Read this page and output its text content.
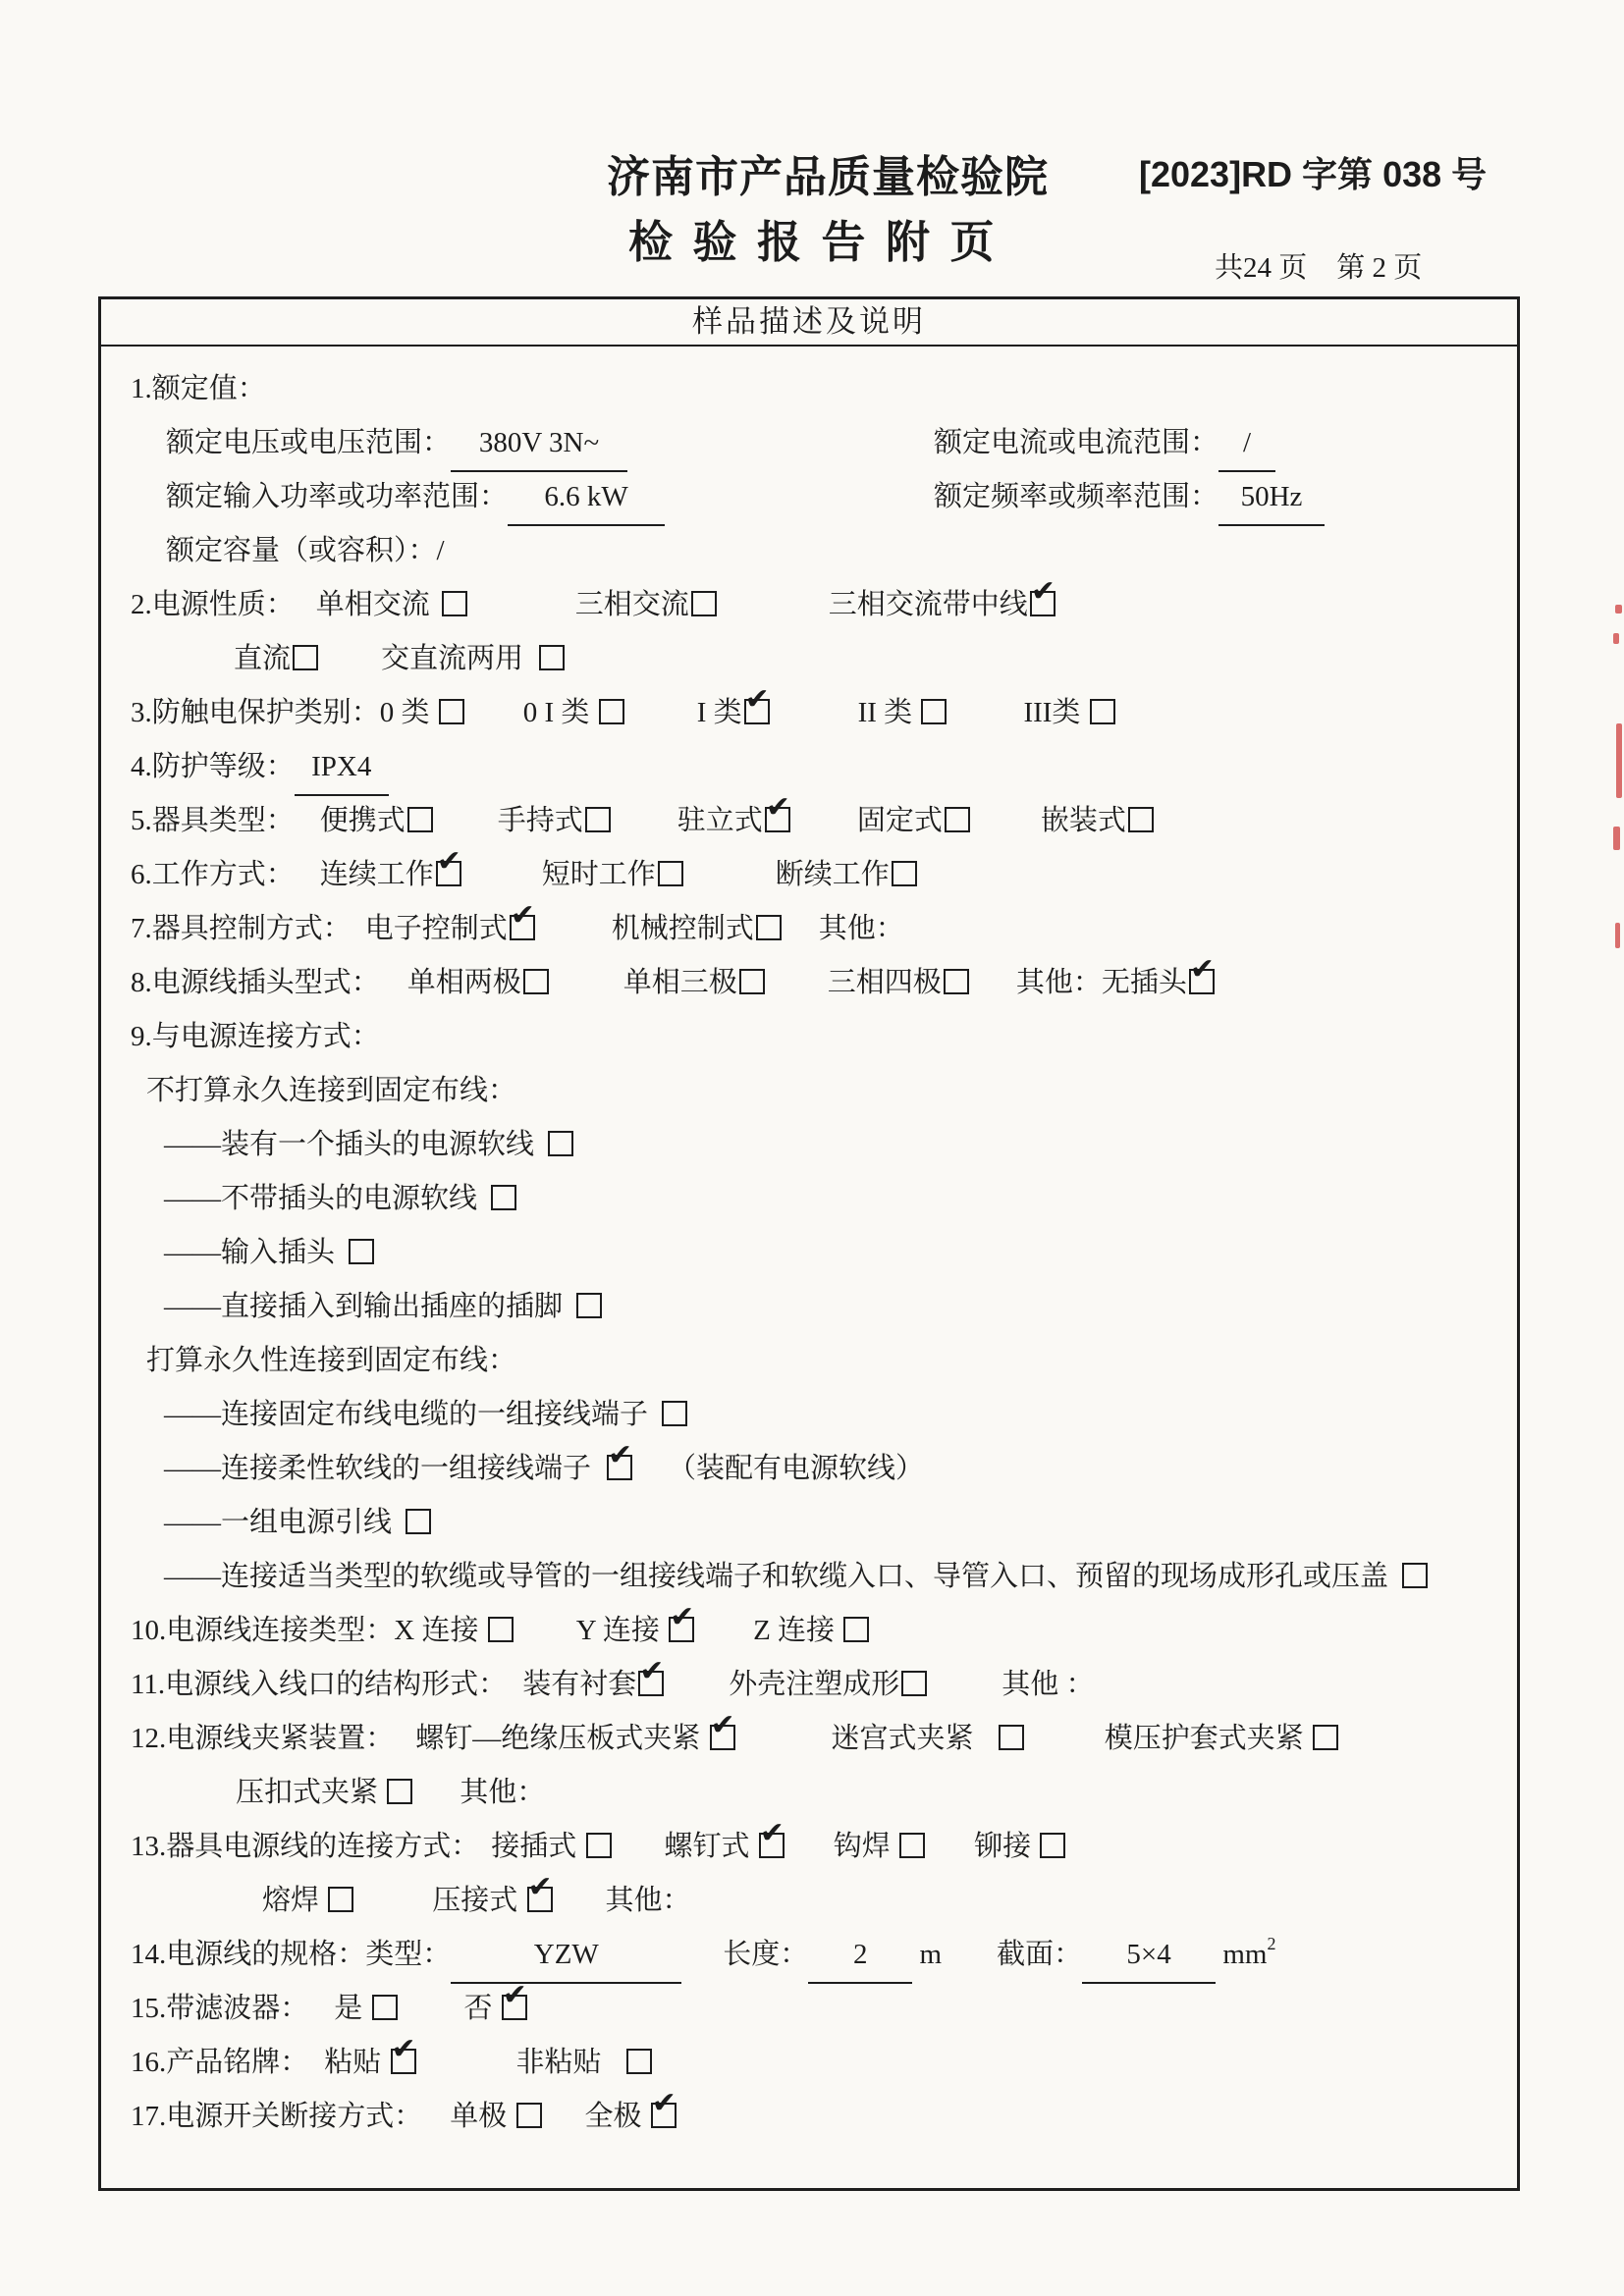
济南市产品质量检验院	[2023]RD 字第 038 号
检 验 报 告 附 页
共24 页 第 2 页
样品描述及说明
1.额定值：
额定电压或电压范围： 380V 3N~	额定电流或电流范围： /
额定输入功率或功率范围： 6.6 kW	额定频率或频率范围： 50Hz
额定容量（或容积）：/
2.电源性质： 单相交流	三相交流	三相交流带中线✔
直流	交直流两用
3.防触电保护类别：0 类	0 I 类	I 类 ✔	II 类	III类
4.防护等级： IPX4
5.器具类型： 便携式	手持式	驻立式 ✔	固定式	嵌装式
6.工作方式： 连续工作 ✔	短时工作	断续工作
7.器具控制方式： 电子控制式 ✔	机械控制式 其他：
8.电源线插头型式： 单相两极	单相三极	三相四极	其他：无插头✔
9.与电源连接方式：
不打算永久连接到固定布线：
——装有一个插头的电源软线
——不带插头的电源软线
——输入插头
——直接插入到输出插座的插脚
打算永久性连接到固定布线：
——连接固定布线电缆的一组接线端子
——连接柔性软线的一组接线端子 ✔	（装配有电源软线）
——一组电源引线
——连接适当类型的软缆或导管的一组接线端子和软缆入口、导管入口、预留的现场成形孔或压盖
10.电源线连接类型：X 连接	Y 连接 ✔	Z 连接
11.电源线入线口的结构形式： 装有衬套 ✔	外壳注塑成形	其他 ：
12.电源线夹紧装置： 螺钉—绝缘压板式夹紧 ✔	迷宫式夹紧	模压护套式夹紧
压扣式夹紧	其他：
13.器具电源线的连接方式： 接插式	螺钉式 ✔	钩焊	铆接
熔焊	压接式 ✔	其他：
14.电源线的规格：类型：	YZW	长度： 2 m 截面： 5×4 $mm^2$
15.带滤波器： 是	否 ✔
16.产品铭牌： 粘贴 ✔	非粘贴
17.电源开关断接方式： 单极 全极 ✔
